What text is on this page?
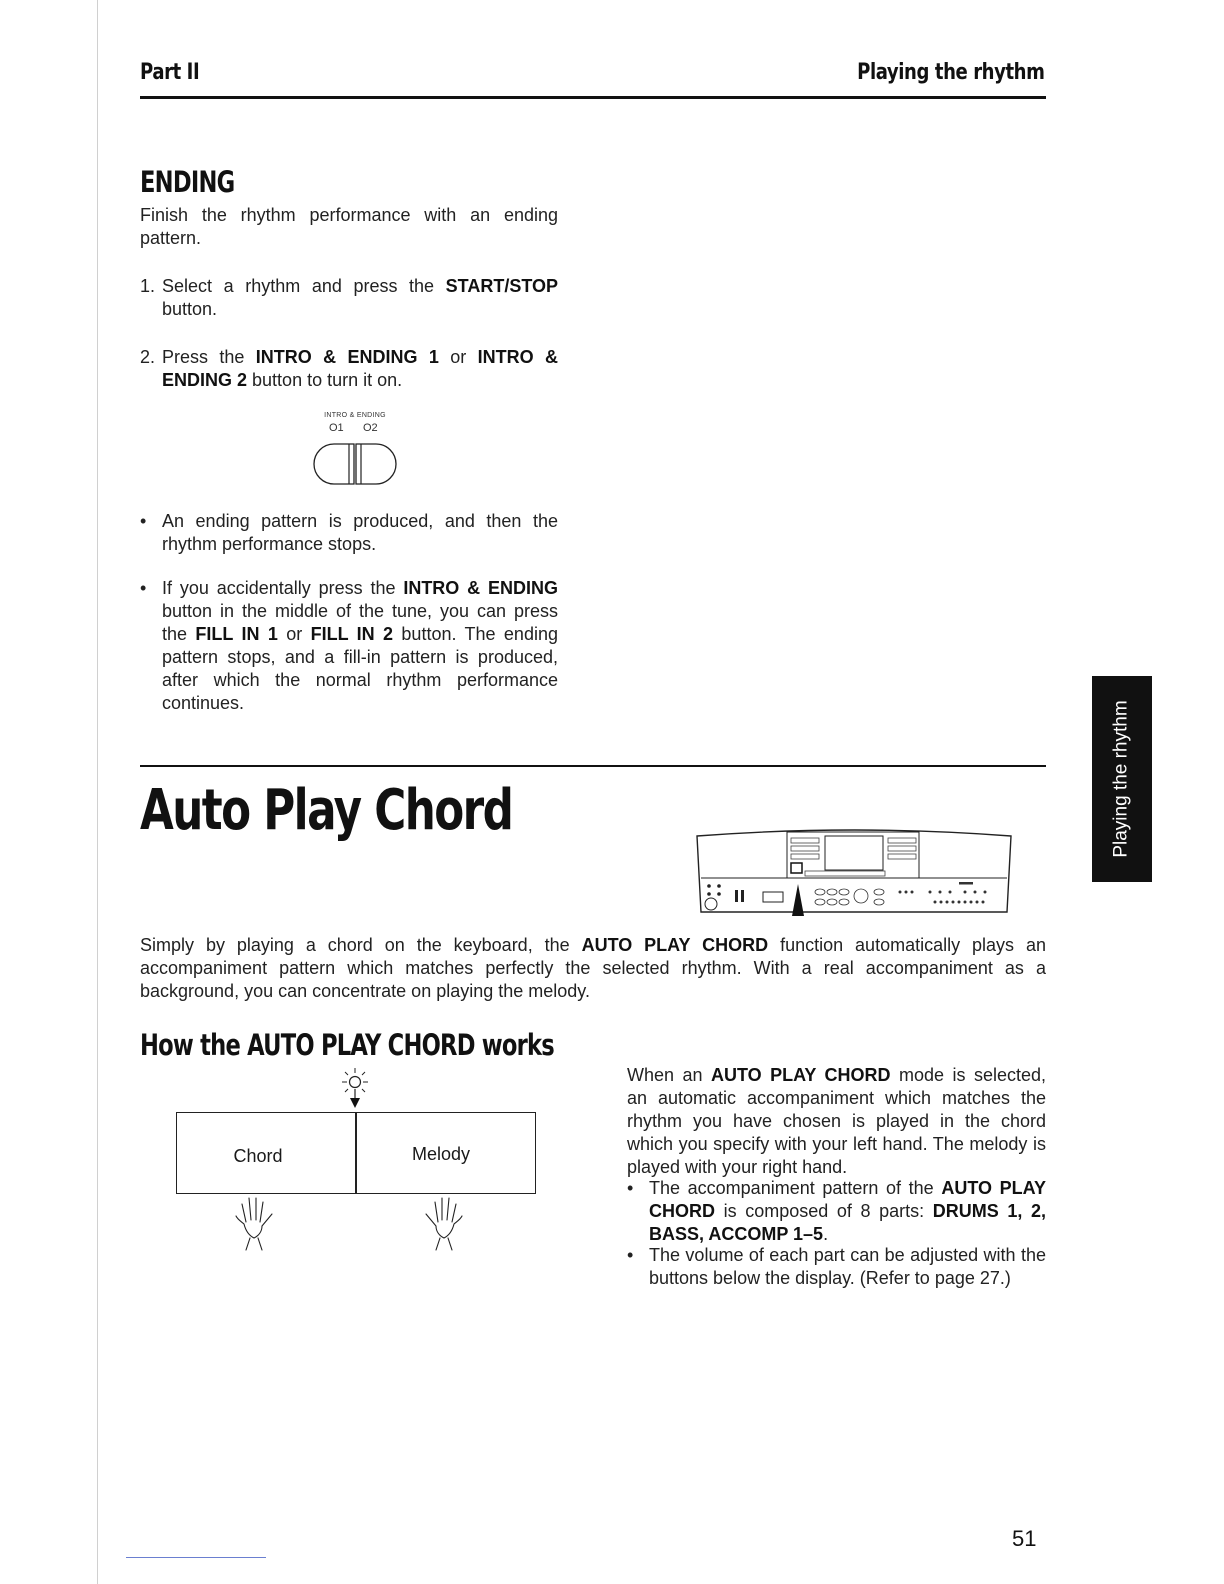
Part II	Playing the rhythm
ENDING
Finish the rhythm performance with an ending pattern.
1. Select a rhythm and press the START/STOP button.
2. Press the INTRO & ENDING 1 or INTRO & ENDING 2 button to turn it on.
INTRO & ENDING
O1 O2
• An ending pattern is produced, and then the rhythm performance stops.
• If you accidentally press the INTRO & ENDING button in the middle of the tune, you can press the FILL IN 1 or FILL IN 2 button. The ending pattern stops, and a fill-in pattern is produced, after which the normal rhythm performance continues.
Auto Play Chord
Simply by playing a chord on the keyboard, the AUTO PLAY CHORD function automatically plays an accompaniment pattern which matches perfectly the selected rhythm. With a real accompaniment as a background, you can concentrate on playing the melody.
How the AUTO PLAY CHORD works
Chord	Melody
When an AUTO PLAY CHORD mode is selected, an automatic accompaniment which matches the rhythm you have chosen is played in the chord which you specify with your left hand. The melody is played with your right hand.
• The accompaniment pattern of the AUTO PLAY CHORD is composed of 8 parts: DRUMS 1, 2, BASS, ACCOMP 1–5.
• The volume of each part can be adjusted with the buttons below the display. (Refer to page 27.)
Playing the rhythm
51
